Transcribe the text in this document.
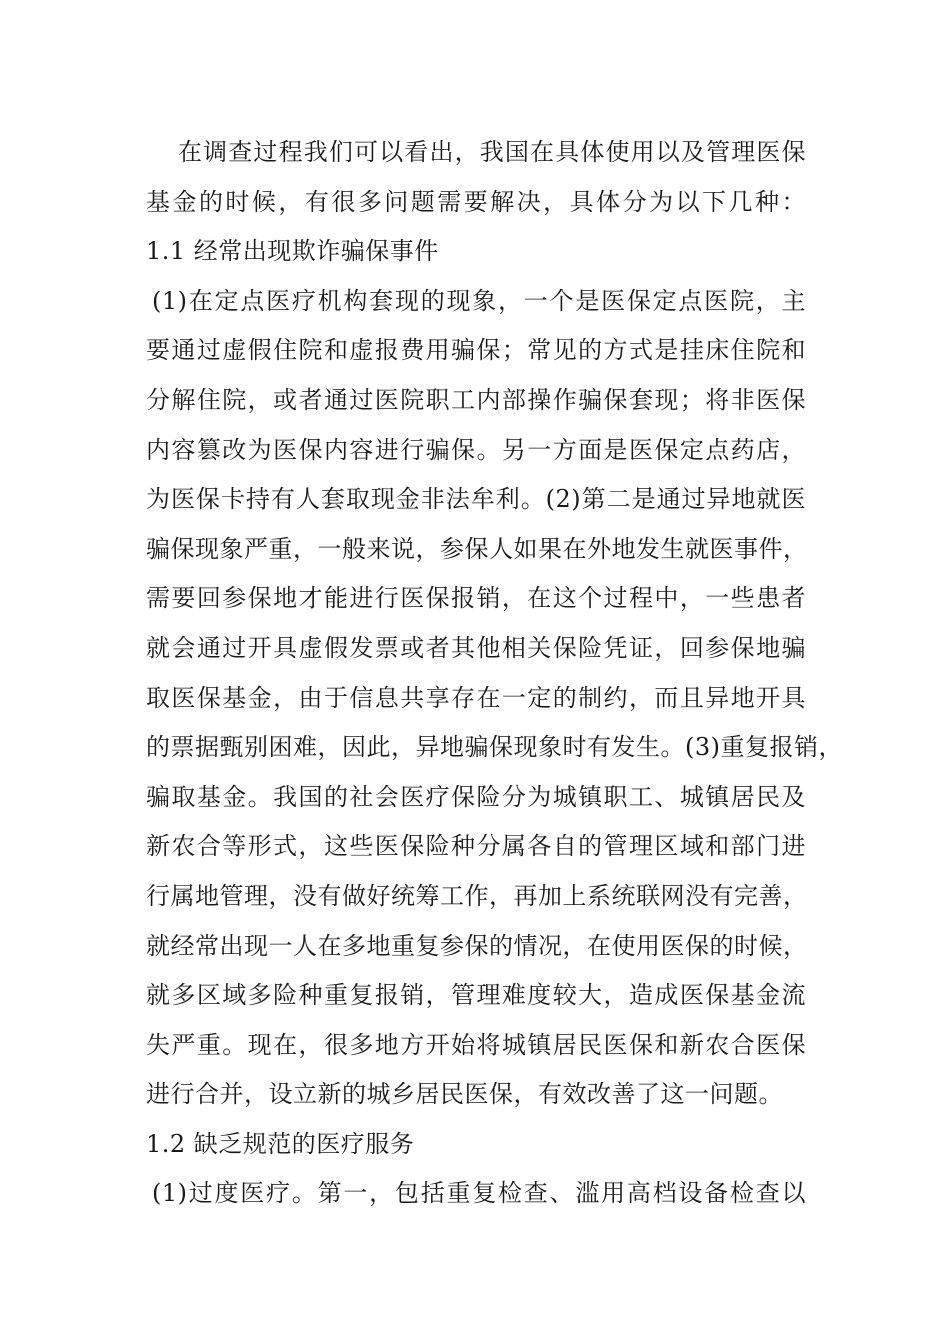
在调查过程我们可以看出，我国在具体使用以及管理医保
基金的时候，有很多问题需要解决，具体分为以下几种：
1.1 经常出现欺诈骗保事件
(1)在定点医疗机构套现的现象，一个是医保定点医院，主
要通过虚假住院和虚报费用骗保；常见的方式是挂床住院和
分解住院，或者通过医院职工内部操作骗保套现；将非医保
内容篡改为医保内容进行骗保。另一方面是医保定点药店，
为医保卡持有人套取现金非法牟利。(2)第二是通过异地就医
骗保现象严重，一般来说，参保人如果在外地发生就医事件，
需要回参保地才能进行医保报销，在这个过程中，一些患者
就会通过开具虚假发票或者其他相关保险凭证，回参保地骗
取医保基金，由于信息共享存在一定的制约，而且异地开具
的票据甄别困难，因此，异地骗保现象时有发生。(3)重复报销，
骗取基金。我国的社会医疗保险分为城镇职工、城镇居民及
新农合等形式，这些医保险种分属各自的管理区域和部门进
行属地管理，没有做好统筹工作，再加上系统联网没有完善，
就经常出现一人在多地重复参保的情况，在使用医保的时候，
就多区域多险种重复报销，管理难度较大，造成医保基金流
失严重。现在，很多地方开始将城镇居民医保和新农合医保
进行合并，设立新的城乡居民医保，有效改善了这一问题。
1.2 缺乏规范的医疗服务
(1)过度医疗。第一，包括重复检查、滥用高档设备检查以
